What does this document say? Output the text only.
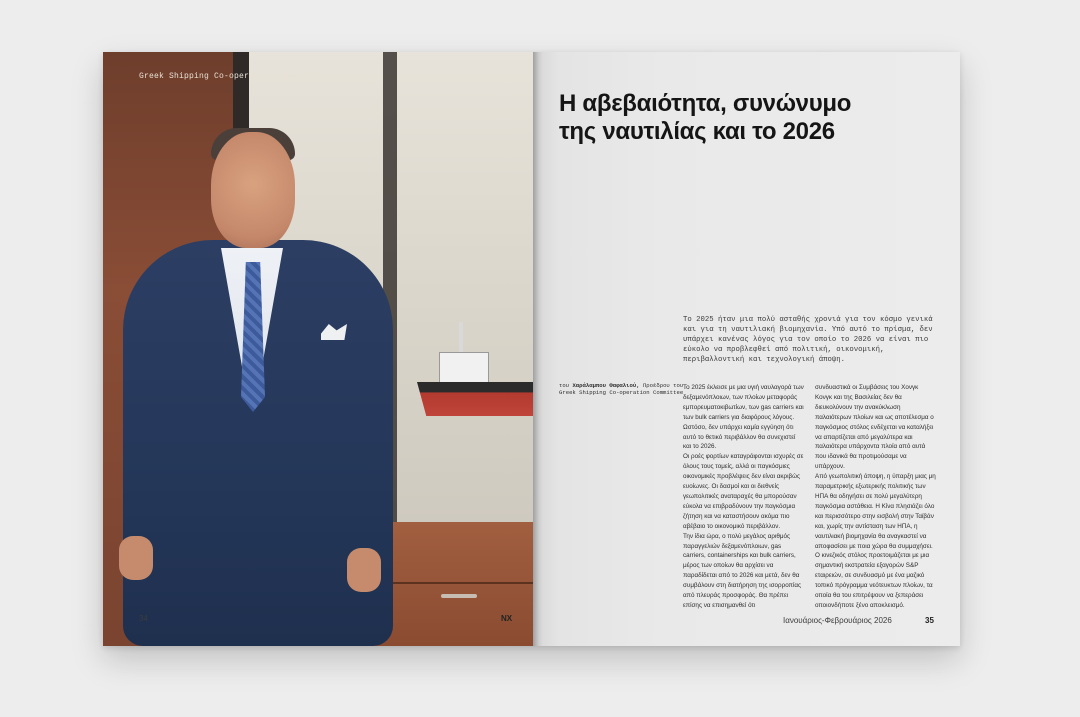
Greek Shipping Co-operation Committee
34	NX
Η αβεβαιότητα, συνώνυμο
της ναυτιλίας και το 2026

Το 2025 ήταν μια πολύ ασταθής χρονιά για τον κόσμο γενικά και για τη ναυτιλιακή βιομηχανία. Υπό αυτό το πρίσμα, δεν υπάρχει κανένας λόγος για τον οποίο το 2026 να είναι πιο εύκολο να προβλεφθεί από πολιτική, οικονομική, περιβαλλοντική και τεχνολογική άποψη.

του Χαράλαμπου Φαφαλιού, Προέδρου του Greek Shipping Co-operation Committee

Το 2025 έκλεισε με μια υγιή ναυλαγορά των δεξαμενόπλοιων, των πλοίων μεταφοράς εμπορευματοκιβωτίων, των gas carriers και των bulk carriers για διαφόρους λόγους. Ωστόσο, δεν υπάρχει καμία εγγύηση ότι αυτό το θετικό περιβάλλον θα συνεχιστεί και το 2026.

Οι ροές φορτίων καταγράφονται ισχυρές σε όλους τους τομείς, αλλά οι παγκόσμιες οικονομικές προβλέψεις δεν είναι ακριβώς ευοίωνες. Οι δασμοί και οι διεθνείς γεωπολιτικές αναταραχές θα μπορούσαν εύκολα να επιβραδύνουν την παγκόσμια ζήτηση και να καταστήσουν ακόμα πιο αβέβαιο το οικονομικό περιβάλλον.

Την ίδια ώρα, ο πολύ μεγάλος αριθμός παραγγελιών δεξαμενόπλοιων, gas carriers, containerships και bulk carriers, μέρος των οποίων θα αρχίσει να παραδίδεται από το 2026 και μετά, δεν θα συμβάλουν στη διατήρηση της ισορροπίας από πλευράς προσφοράς. Θα πρέπει επίσης να επισημανθεί ότι

συνδυαστικά οι Συμβάσεις του Χονγκ Κονγκ και της Βασιλείας δεν θα διευκολύνουν την ανακύκλωση παλαιότερων πλοίων και ως αποτέλεσμα ο παγκόσμιος στόλος ενδέχεται να καταλήξει να απαρτίζεται από μεγαλύτερα και παλαιότερα υπάρχοντα πλοία από αυτά που ιδανικά θα προτιμούσαμε να υπάρχουν.

Από γεωπολιτική άποψη, η ύπαρξη μιας μη παραμετρικής εξωτερικής πολιτικής των ΗΠΑ θα οδηγήσει σε πολύ μεγαλύτερη παγκόσμια αστάθεια. Η Κίνα πλησιάζει όλο και περισσότερο στην εισβολή στην Ταϊβάν και, χωρίς την αντίσταση των ΗΠΑ, η ναυτιλιακή βιομηχανία θα αναγκαστεί να αποφασίσει με ποια χώρα θα συμμαχήσει. Ο κινεζικός στόλος προετοιμάζεται με μια σημαντική εκστρατεία εξαγορών S&P εταιρειών, σε συνδυασμό με ένα μαζικό τοπικό πρόγραμμα νεότευκτων πλοίων, τα οποία θα του επιτρέψουν να ξεπεράσει οποιονδήποτε ξένο αποκλεισμό.

Ιανουάριος-Φεβρουάριος 2026	35
